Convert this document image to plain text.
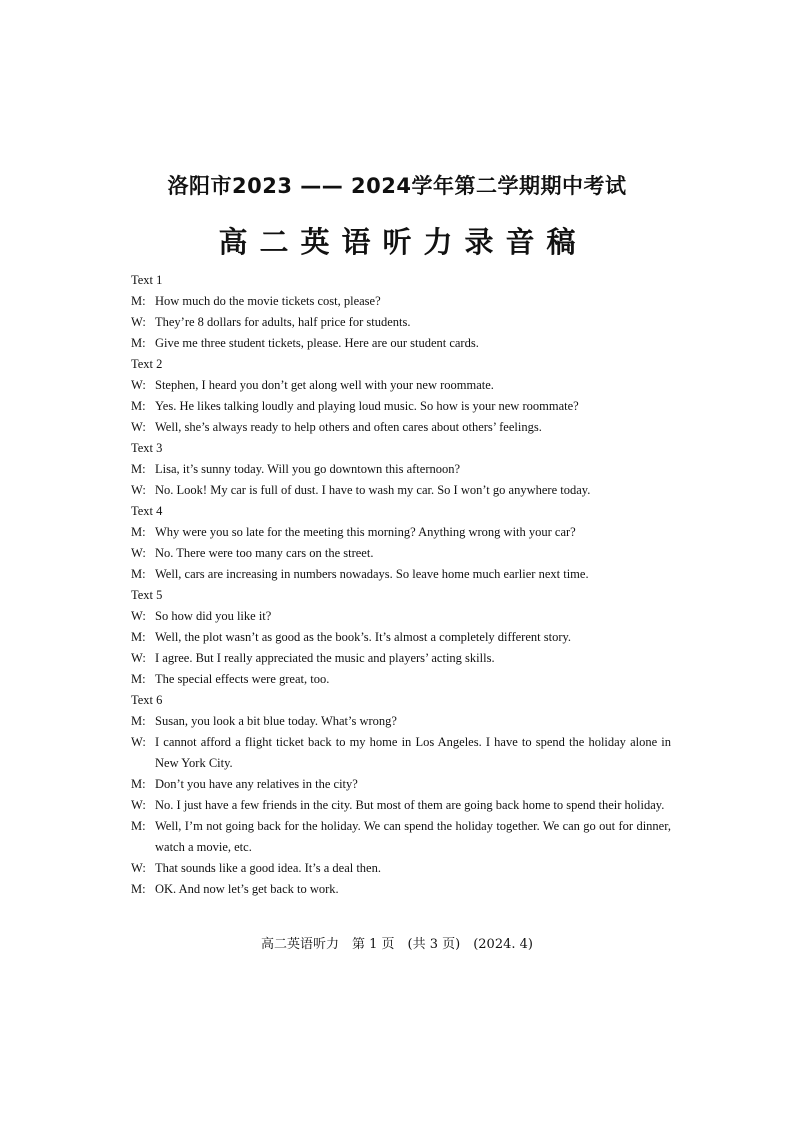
洛阳市2023 —— 2024学年第二学期期中考试
高二英语听力录音稿
Text 1
M: How much do the movie tickets cost, please?
W: They’re 8 dollars for adults, half price for students.
M: Give me three student tickets, please. Here are our student cards.
Text 2
W: Stephen, I heard you don’t get along well with your new roommate.
M: Yes. He likes talking loudly and playing loud music. So how is your new roommate?
W: Well, she’s always ready to help others and often cares about others’ feelings.
Text 3
M: Lisa, it’s sunny today. Will you go downtown this afternoon?
W: No. Look! My car is full of dust. I have to wash my car. So I won’t go anywhere today.
Text 4
M: Why were you so late for the meeting this morning? Anything wrong with your car?
W: No. There were too many cars on the street.
M: Well, cars are increasing in numbers nowadays. So leave home much earlier next time.
Text 5
W: So how did you like it?
M: Well, the plot wasn’t as good as the book’s. It’s almost a completely different story.
W: I agree. But I really appreciated the music and players’ acting skills.
M: The special effects were great, too.
Text 6
M: Susan, you look a bit blue today. What’s wrong?
W: I cannot afford a flight ticket back to my home in Los Angeles. I have to spend the holiday alone in New York City.
M: Don’t you have any relatives in the city?
W: No. I just have a few friends in the city. But most of them are going back home to spend their holiday.
M: Well, I’m not going back for the holiday. We can spend the holiday together. We can go out for dinner, watch a movie, etc.
W: That sounds like a good idea. It’s a deal then.
M: OK. And now let’s get back to work.
高二英语听力　第 1 页　(共 3 页)　(2024. 4)
